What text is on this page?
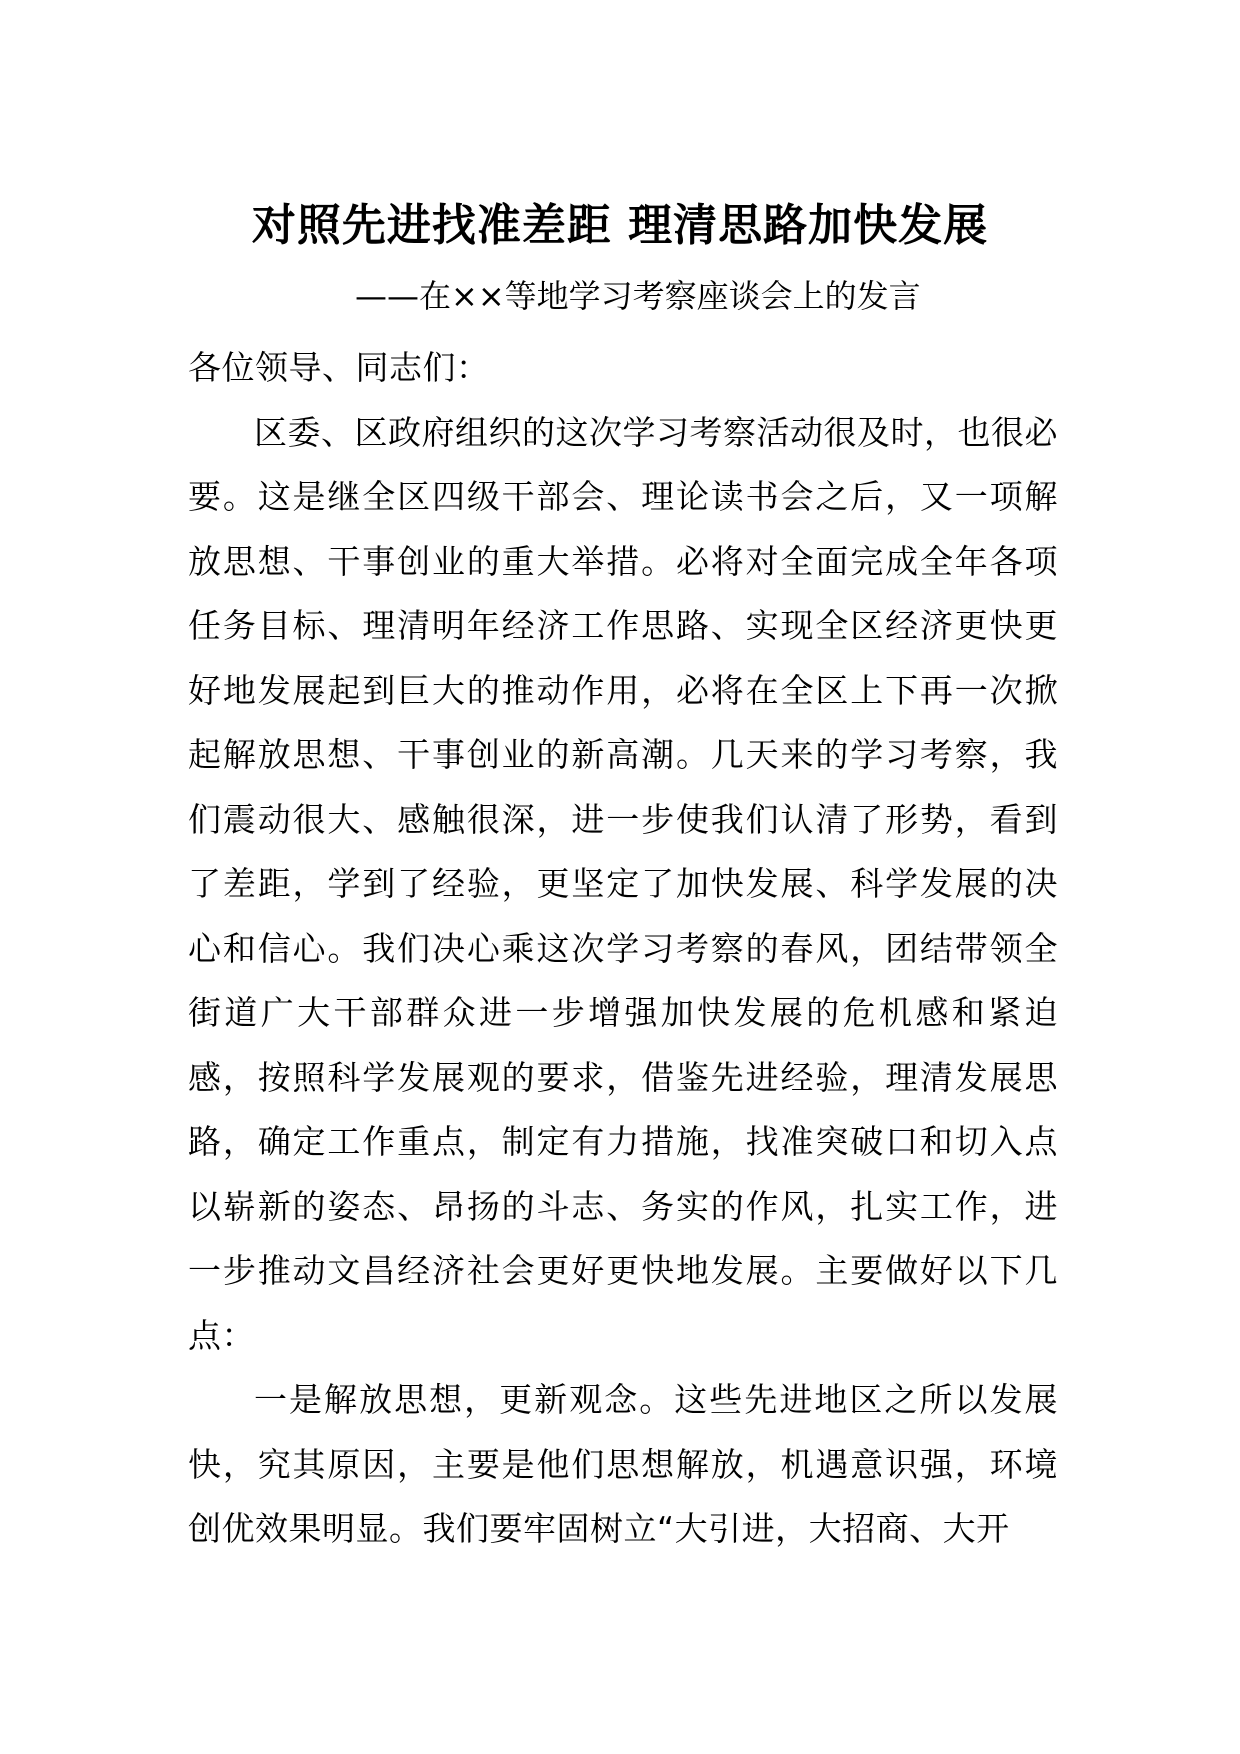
对照先进找准差距 理清思路加快发展
——在××等地学习考察座谈会上的发言

各位领导、同志们：

区委、区政府组织的这次学习考察活动很及时，也很必要。这是继全区四级干部会、理论读书会之后，又一项解放思想、干事创业的重大举措。必将对全面完成全年各项任务目标、理清明年经济工作思路、实现全区经济更快更好地发展起到巨大的推动作用，必将在全区上下再一次掀起解放思想、干事创业的新高潮。几天来的学习考察，我们震动很大、感触很深，进一步使我们认清了形势，看到了差距，学到了经验，更坚定了加快发展、科学发展的决心和信心。我们决心乘这次学习考察的春风，团结带领全街道广大干部群众进一步增强加快发展的危机感和紧迫感，按照科学发展观的要求，借鉴先进经验，理清发展思路，确定工作重点，制定有力措施，找准突破口和切入点以崭新的姿态、昂扬的斗志、务实的作风，扎实工作，进一步推动文昌经济社会更好更快地发展。主要做好以下几点：

一是解放思想，更新观念。这些先进地区之所以发展快，究其原因，主要是他们思想解放，机遇意识强，环境创优效果明显。我们要牢固树立“大引进，大招商、大开
